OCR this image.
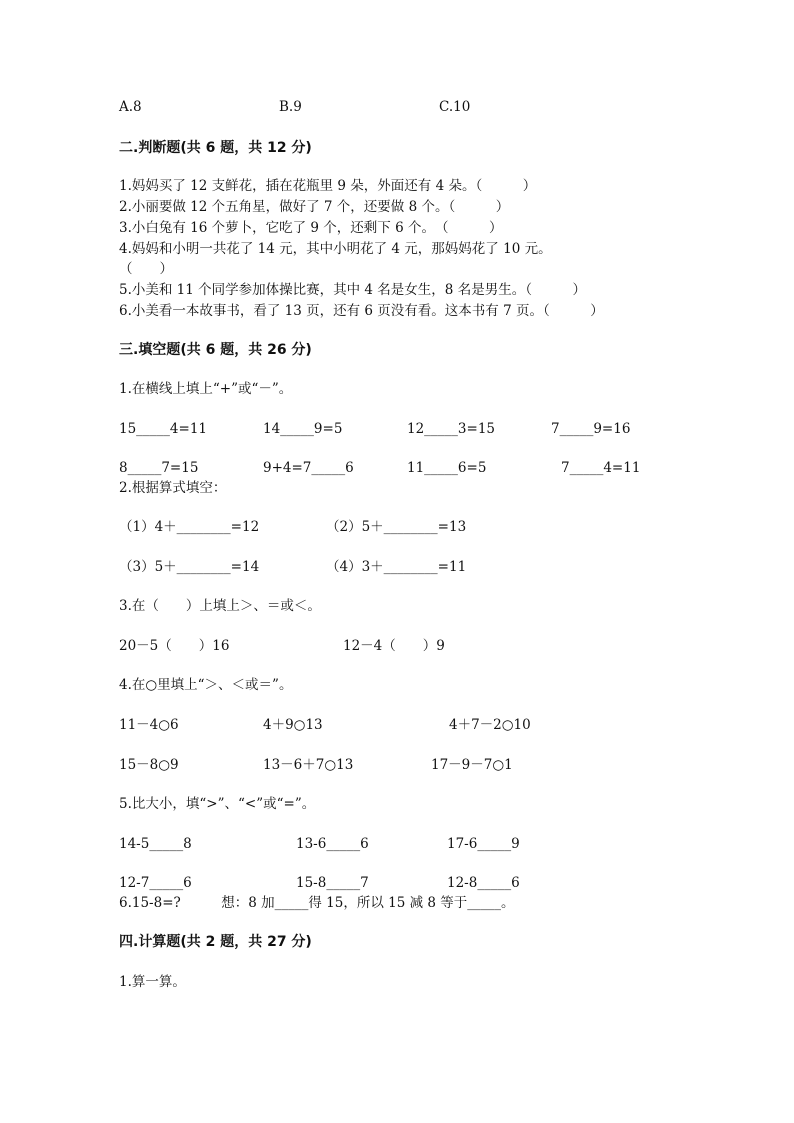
A.8	B.9	C.10
二.判断题(共 6 题，共 12 分)
1.妈妈买了 12 支鲜花，插在花瓶里 9 朵，外面还有 4 朵。（　　　）
2.小丽要做 12 个五角星，做好了 7 个，还要做 8 个。（　　　）
3.小白兔有 16 个萝卜，它吃了 9 个，还剩下 6 个。　（　　　）
4.妈妈和小明一共花了 14 元，其中小明花了 4 元，那妈妈花了 10 元。
（　　）
5.小美和 11 个同学参加体操比赛，其中 4 名是女生，8 名是男生。（　　　）
6.小美看一本故事书，看了 13 页，还有 6 页没有看。这本书有 7 页。（　　　）
三.填空题(共 6 题，共 26 分)
1.在横线上填上“+”或“－”。
15_____4=11	14_____9=5	12_____3=15	7_____9=16
8_____7=15	9+4=7_____6	11_____6=5	7_____4=11
2.根据算式填空：
（1）4＋________=12	（2）5＋________=13
（3）5＋________=14	（4）3＋________=11
3.在（　　）上填上＞、＝或＜。
20－5（　　）16	12－4（　　）9
4.在○里填上“＞、＜或＝”。
11－4○6	4＋9○13	4＋7－2○10
15－8○9	13－6＋7○13	17－9－7○1
5.比大小，填“>”、“<”或“=”。
14-5_____8	13-6_____6	17-6_____9
12-7_____6	15-8_____7	12-8_____6
6.15-8=?　　　想：8 加_____得 15，所以 15 减 8 等于_____。
四.计算题(共 2 题，共 27 分)
1.算一算。
